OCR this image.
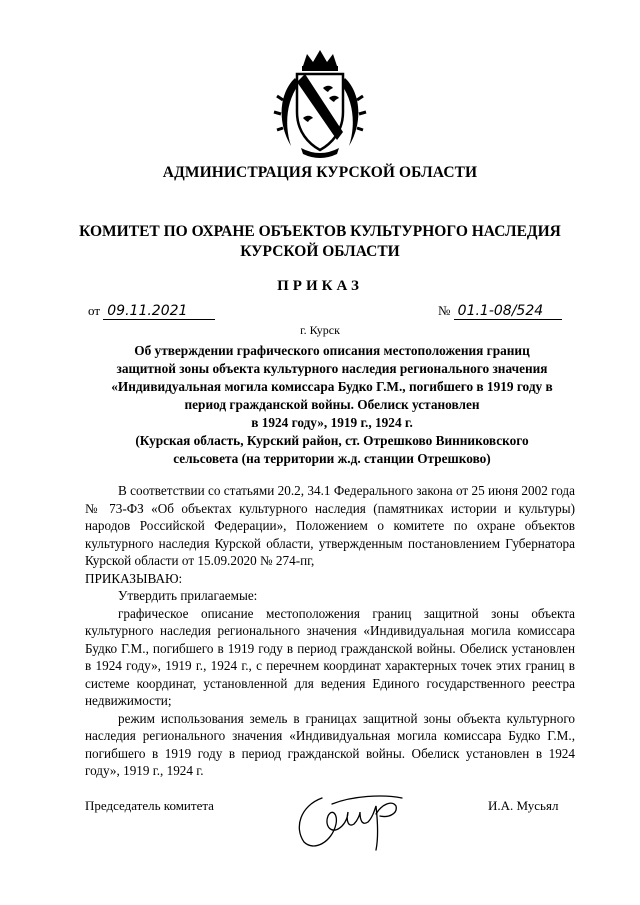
АДМИНИСТРАЦИЯ КУРСКОЙ ОБЛАСТИ
КОМИТЕТ ПО ОХРАНЕ ОБЪЕКТОВ КУЛЬТУРНОГО НАСЛЕДИЯ
КУРСКОЙ ОБЛАСТИ
ПРИКАЗ
от 09.11.2021	№ 01.1-08/524
г. Курск
Об утверждении графического описания местоположения границ
защитной зоны объекта культурного наследия регионального значения
«Индивидуальная могила комиссара Будко Г.М., погибшего в 1919 году в
период гражданской войны. Обелиск установлен
в 1924 году», 1919 г., 1924 г.
(Курская область, Курский район, ст. Отрешково Винниковского
сельсовета (на территории ж.д. станции Отрешково)

В соответствии со статьями 20.2, 34.1 Федерального закона от 25 июня 2002 года № 73-ФЗ «Об объектах культурного наследия (памятниках истории и культуры) народов Российской Федерации», Положением о комитете по охране объектов культурного наследия Курской области, утвержденным постановлением Губернатора Курской области от 15.09.2020 № 274-пг,

ПРИКАЗЫВАЮ:

Утвердить прилагаемые:

графическое описание местоположения границ защитной зоны объекта культурного наследия регионального значения «Индивидуальная могила комиссара Будко Г.М., погибшего в 1919 году в период гражданской войны. Обелиск установлен в 1924 году», 1919 г., 1924 г., с перечнем координат характерных точек этих границ в системе координат, установленной для ведения Единого государственного реестра недвижимости;

режим использования земель в границах защитной зоны объекта культурного наследия регионального значения «Индивидуальная могила комиссара Будко Г.М., погибшего в 1919 году в период гражданской войны. Обелиск установлен в 1924 году», 1919 г., 1924 г.

Председатель комитета	И.А. Мусьял
